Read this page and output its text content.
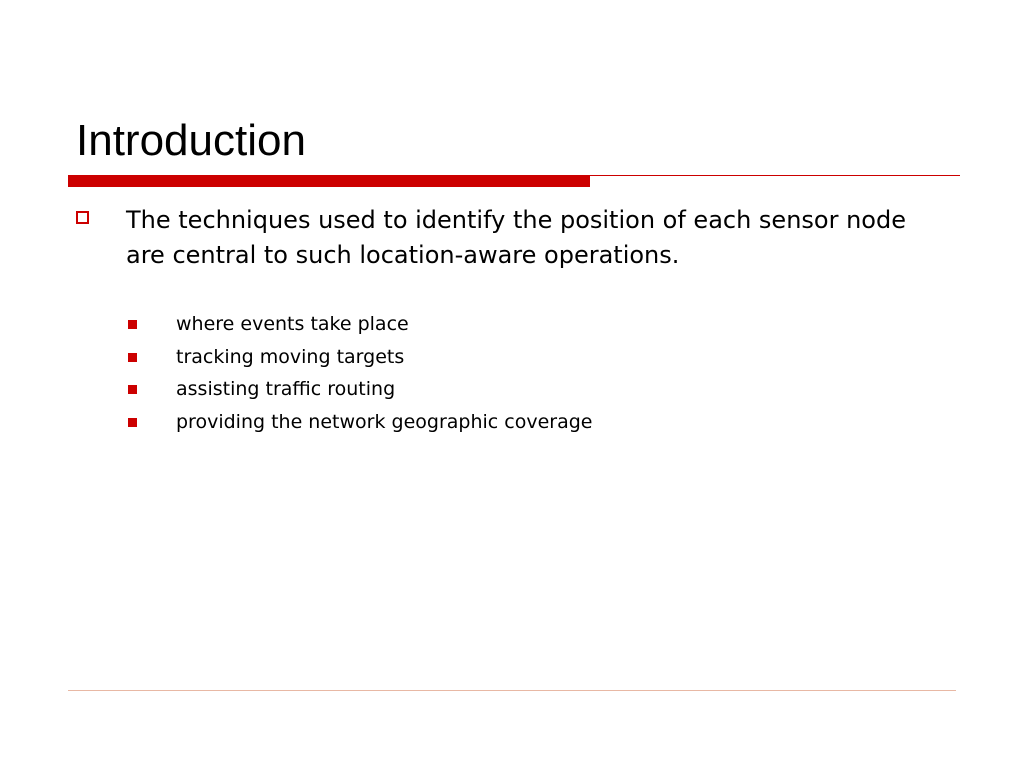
Introduction
The techniques used to identify the position of each sensor node are central to such location-aware operations.
where events take place
tracking moving targets
assisting traffic routing
providing the network geographic coverage
